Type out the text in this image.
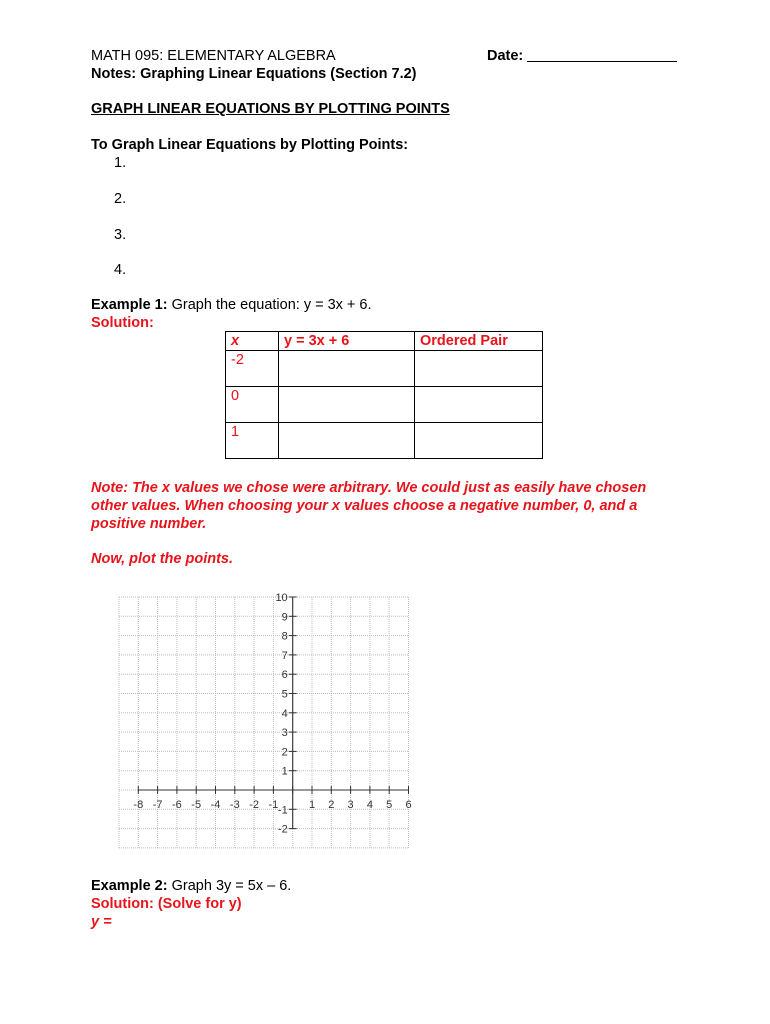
MATH 095: ELEMENTARY ALGEBRA	Date:
Notes: Graphing Linear Equations (Section 7.2)
GRAPH LINEAR EQUATIONS BY PLOTTING POINTS
To Graph Linear Equations by Plotting Points:
1.
2.
3.
4.
Example 1: Graph the equation: y = 3x + 6.
Solution:
x	y = 3x + 6	Ordered Pair
-2		
0		
1		
Note: The x values we chose were arbitrary. We could just as easily have chosen
other values. When choosing your x values choose a negative number, 0, and a
positive number.
Now, plot the points.
-8 -7 -6 -5 -4 -3 -2 -1	1 2 3 4 5 6
10
9
8
7
6
5
4
3
2
1
-1
-2
Example 2: Graph 3y = 5x – 6.
Solution: (Solve for y)
y =
